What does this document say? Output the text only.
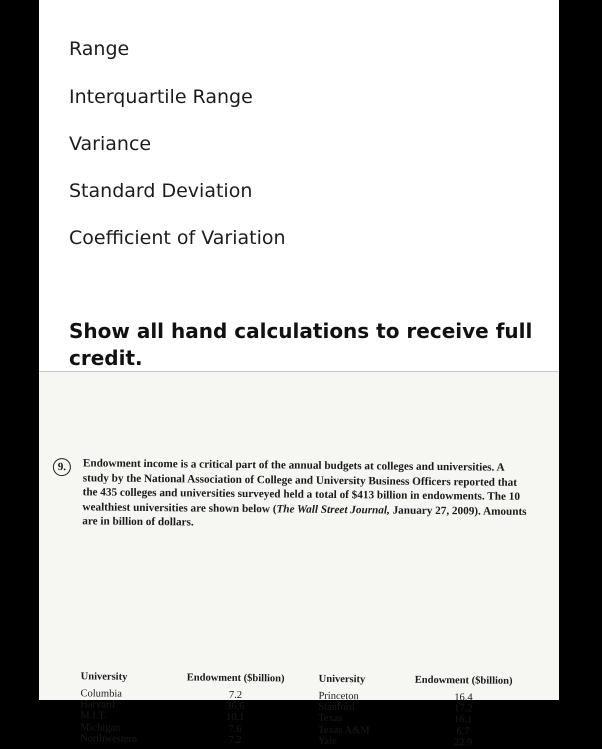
Range
Interquartile Range
Variance
Standard Deviation
Coefficient of Variation
Show all hand calculations to receive full credit.
9.	Endowment income is a critical part of the annual budgets at colleges and universities. A study by the National Association of College and University Business Officers reported that the 435 colleges and universities surveyed held a total of $413 billion in endowments. The 10 wealthiest universities are shown below (The Wall Street Journal, January 27, 2009). Amounts are in billion of dollars.
University
Columbia
Harvard
M.I.T.
Michigan
Northwestern
Endowment ($billion)
7.2
36.6
10.1
7.6
7.2
University
Princeton
Stanford
Texas
Texas A&M
Yale
Endowment ($billion)
16.4
17.2
16.1
6.7
22.9
